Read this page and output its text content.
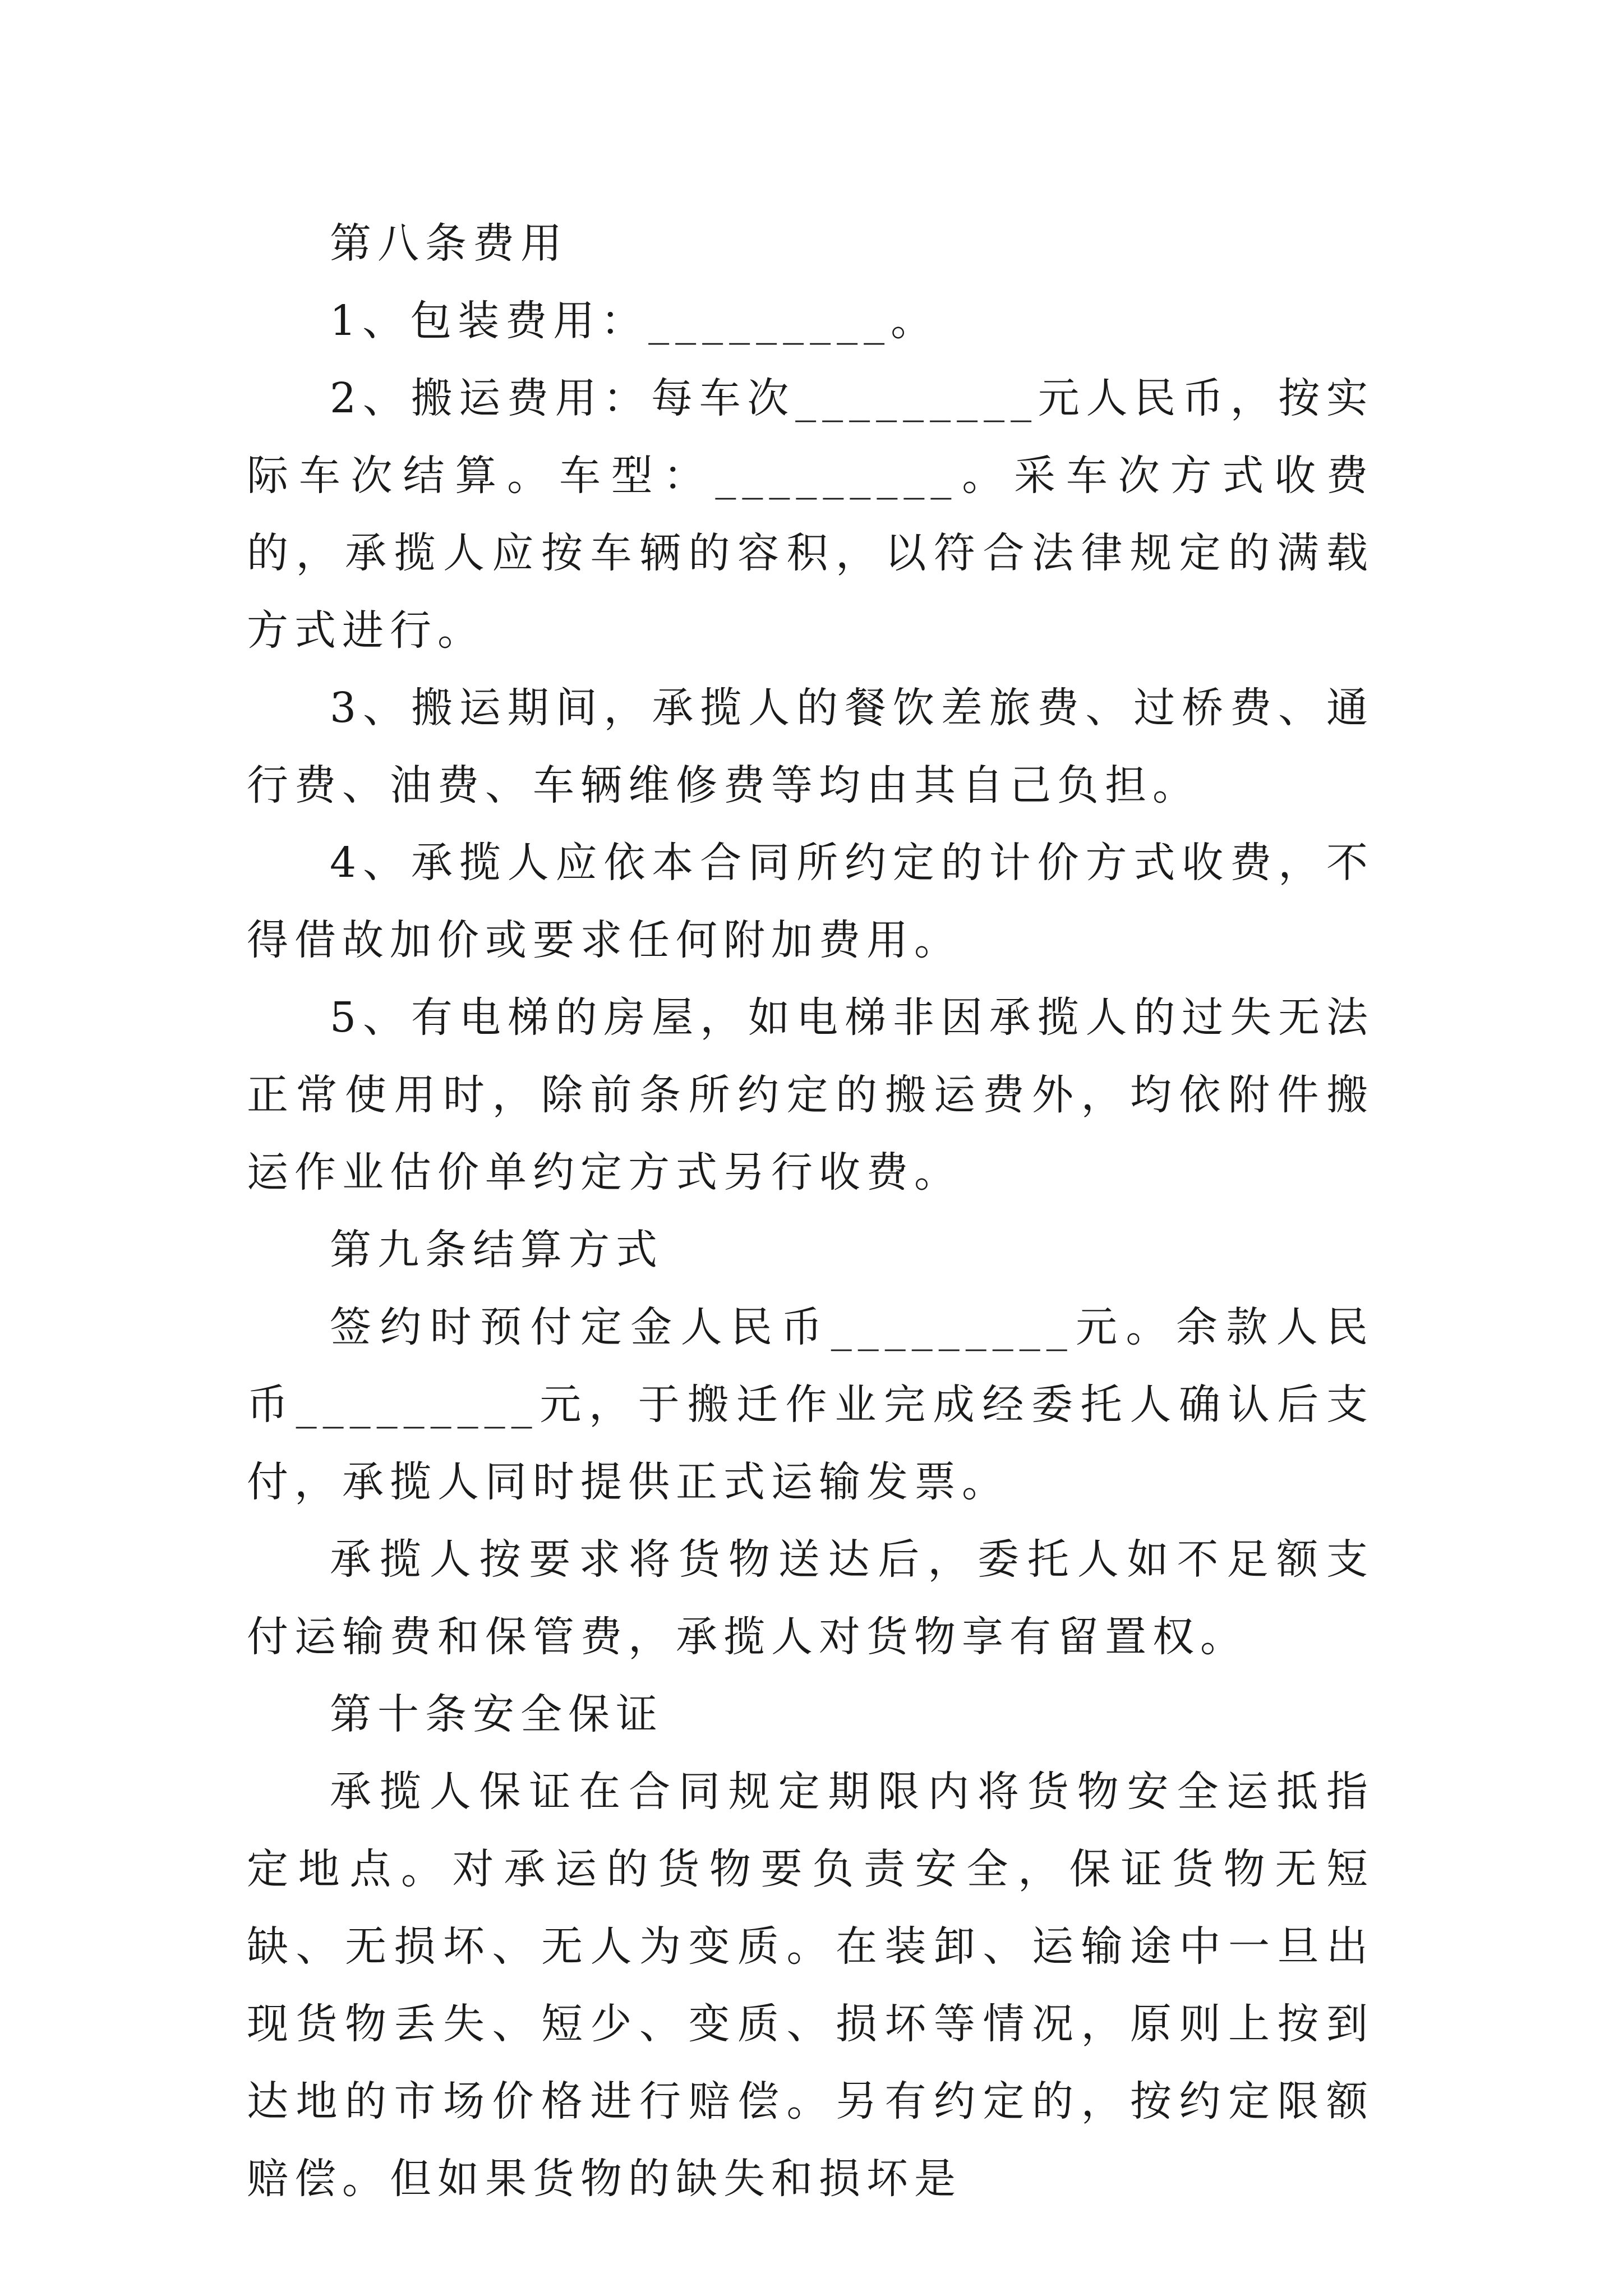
第八条费用

1、包装费用：_________。

2、搬运费用：每车次_________元人民币，按实际车次结算。车型：_________。采车次方式收费的，承揽人应按车辆的容积，以符合法律规定的满载方式进行。

3、搬运期间，承揽人的餐饮差旅费、过桥费、通行费、油费、车辆维修费等均由其自己负担。

4、承揽人应依本合同所约定的计价方式收费，不得借故加价或要求任何附加费用。

5、有电梯的房屋，如电梯非因承揽人的过失无法正常使用时，除前条所约定的搬运费外，均依附件搬运作业估价单约定方式另行收费。

第九条结算方式

签约时预付定金人民币_________元。余款人民币_________元，于搬迁作业完成经委托人确认后支付，承揽人同时提供正式运输发票。

承揽人按要求将货物送达后，委托人如不足额支付运输费和保管费，承揽人对货物享有留置权。

第十条安全保证

承揽人保证在合同规定期限内将货物安全运抵指定地点。对承运的货物要负责安全，保证货物无短缺、无损坏、无人为变质。在装卸、运输途中一旦出现货物丢失、短少、变质、损坏等情况，原则上按到达地的市场价格进行赔偿。另有约定的，按约定限额赔偿。但如果货物的缺失和损坏是
